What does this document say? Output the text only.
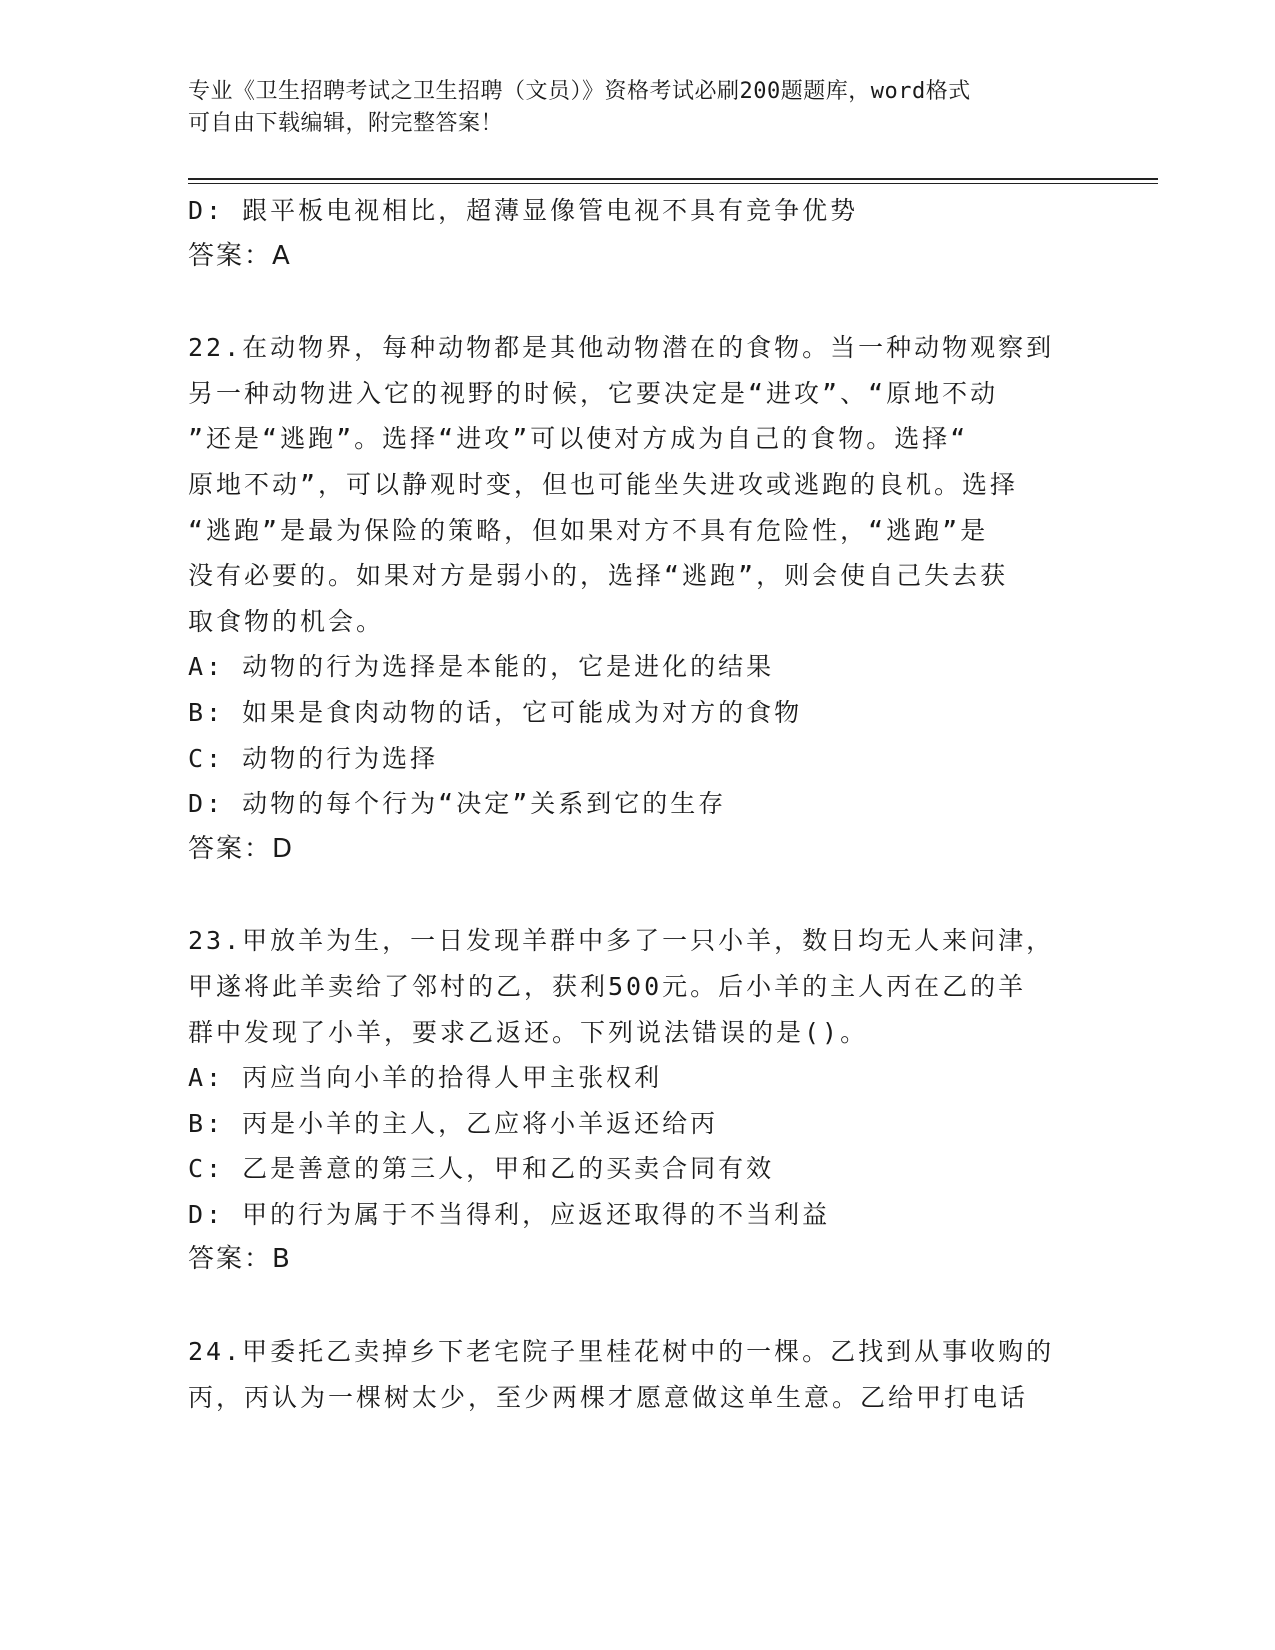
专业《卫生招聘考试之卫生招聘（文员）》资格考试必刷200题题库，word格式
可自由下载编辑，附完整答案！
D: 跟平板电视相比，超薄显像管电视不具有竞争优势
答案：A
22.在动物界，每种动物都是其他动物潜在的食物。当一种动物观察到
另一种动物进入它的视野的时候，它要决定是“进攻”、“原地不动
”还是“逃跑”。选择“进攻”可以使对方成为自己的食物。选择“
原地不动”，可以静观时变，但也可能坐失进攻或逃跑的良机。选择
“逃跑”是最为保险的策略，但如果对方不具有危险性，“逃跑”是
没有必要的。如果对方是弱小的，选择“逃跑”，则会使自己失去获
取食物的机会。
A: 动物的行为选择是本能的，它是进化的结果
B: 如果是食肉动物的话，它可能成为对方的食物
C: 动物的行为选择
D: 动物的每个行为“决定”关系到它的生存
答案：D
23.甲放羊为生，一日发现羊群中多了一只小羊，数日均无人来问津，
甲遂将此羊卖给了邻村的乙，获利500元。后小羊的主人丙在乙的羊
群中发现了小羊，要求乙返还。下列说法错误的是()。
A: 丙应当向小羊的拾得人甲主张权利
B: 丙是小羊的主人，乙应将小羊返还给丙
C: 乙是善意的第三人，甲和乙的买卖合同有效
D: 甲的行为属于不当得利，应返还取得的不当利益
答案：B
24.甲委托乙卖掉乡下老宅院子里桂花树中的一棵。乙找到从事收购的
丙，丙认为一棵树太少，至少两棵才愿意做这单生意。乙给甲打电话
